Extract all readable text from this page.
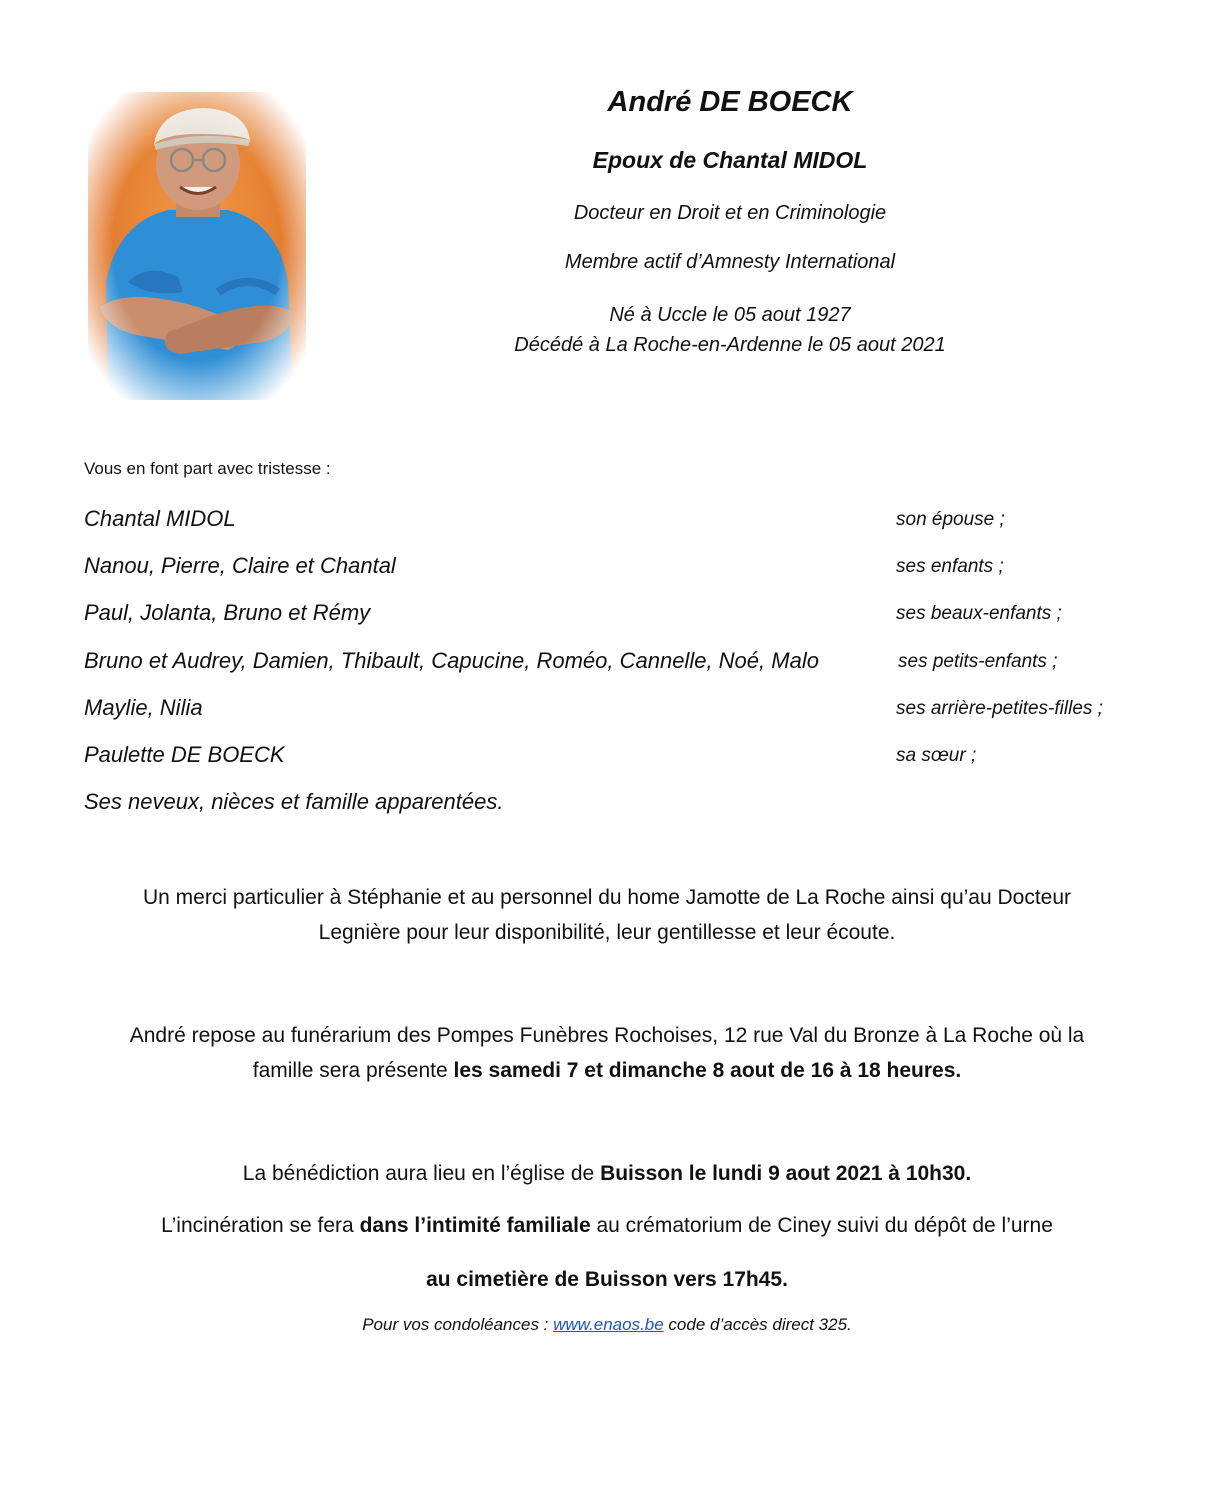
André DE BOECK
Epoux de Chantal MIDOL
Docteur en Droit et en Criminologie
Membre actif d’Amnesty International
Né à Uccle le 05 aout 1927
Décédé à La Roche-en-Ardenne le 05 aout 2021
Vous en font part avec tristesse :
Chantal MIDOL	son épouse ;
Nanou, Pierre, Claire et Chantal	ses enfants ;
Paul, Jolanta, Bruno et Rémy	ses beaux-enfants ;
Bruno et Audrey, Damien, Thibault, Capucine, Roméo, Cannelle, Noé, Malo	ses petits-enfants ;
Maylie, Nilia	ses arrière-petites-filles ;
Paulette DE BOECK	sa sœur ;
Ses neveux, nièces et famille apparentées.
Un merci particulier à Stéphanie et au personnel du home Jamotte de La Roche ainsi qu’au Docteur
Legnière pour leur disponibilité, leur gentillesse et leur écoute.
André repose au funérarium des Pompes Funèbres Rochoises, 12 rue Val du Bronze à La Roche où la
famille sera présente les samedi 7 et dimanche 8 aout de 16 à 18 heures.
La bénédiction aura lieu en l’église de Buisson le lundi 9 aout 2021 à 10h30.
L’incinération se fera dans l’intimité familiale au crématorium de Ciney suivi du dépôt de l’urne
au cimetière de Buisson vers 17h45.
Pour vos condoléances : www.enaos.be code d’accès direct 325.
